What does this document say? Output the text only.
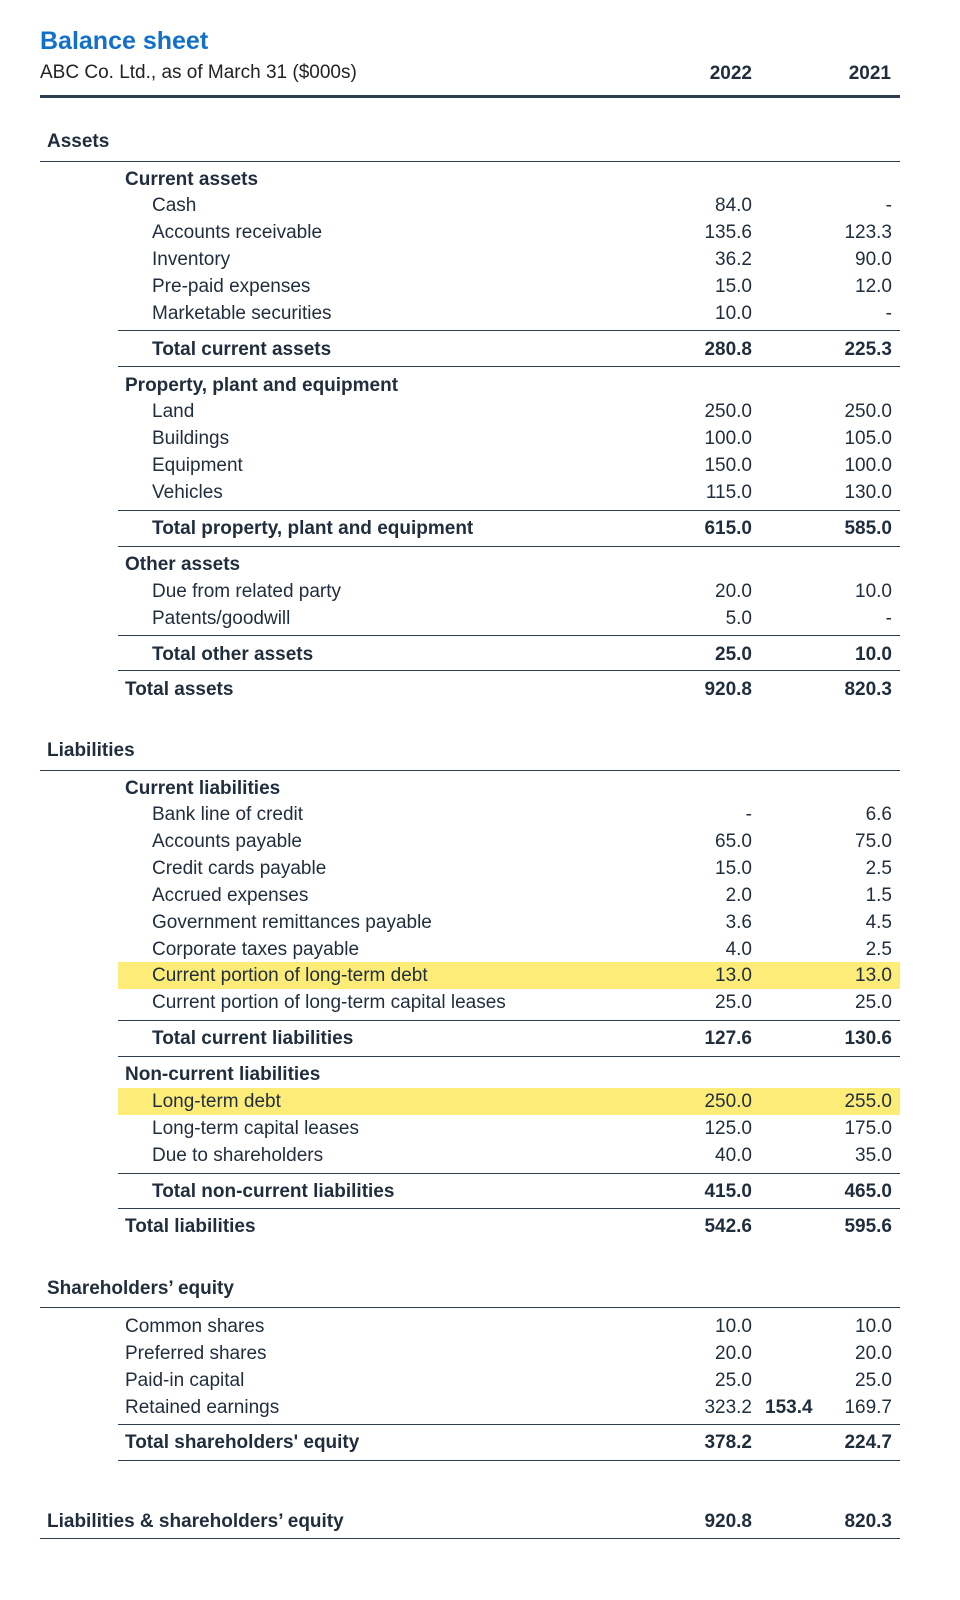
Balance sheet
ABC Co. Ltd., as of March 31 ($000s)	2022	2021
Assets
Current assets
Cash	84.0	-
Accounts receivable	135.6	123.3
Inventory	36.2	90.0
Pre-paid expenses	15.0	12.0
Marketable securities	10.0	-
Total current assets	280.8	225.3
Property, plant and equipment
Land	250.0	250.0
Buildings	100.0	105.0
Equipment	150.0	100.0
Vehicles	115.0	130.0
Total property, plant and equipment	615.0	585.0
Other assets
Due from related party	20.0	10.0
Patents/goodwill	5.0	-
Total other assets	25.0	10.0
Total assets	920.8	820.3
Liabilities
Current liabilities
Bank line of credit	-	6.6
Accounts payable	65.0	75.0
Credit cards payable	15.0	2.5
Accrued expenses	2.0	1.5
Government remittances payable	3.6	4.5
Corporate taxes payable	4.0	2.5
Current portion of long-term debt	13.0	13.0
Current portion of long-term capital leases	25.0	25.0
Total current liabilities	127.6	130.6
Non-current liabilities
Long-term debt	250.0	255.0
Long-term capital leases	125.0	175.0
Due to shareholders	40.0	35.0
Total non-current liabilities	415.0	465.0
Total liabilities	542.6	595.6
Shareholders’ equity
Common shares	10.0	10.0
Preferred shares	20.0	20.0
Paid-in capital	25.0	25.0
Retained earnings	323.2 153.4	169.7
Total shareholders' equity	378.2	224.7
Liabilities & shareholders’ equity	920.8	820.3
